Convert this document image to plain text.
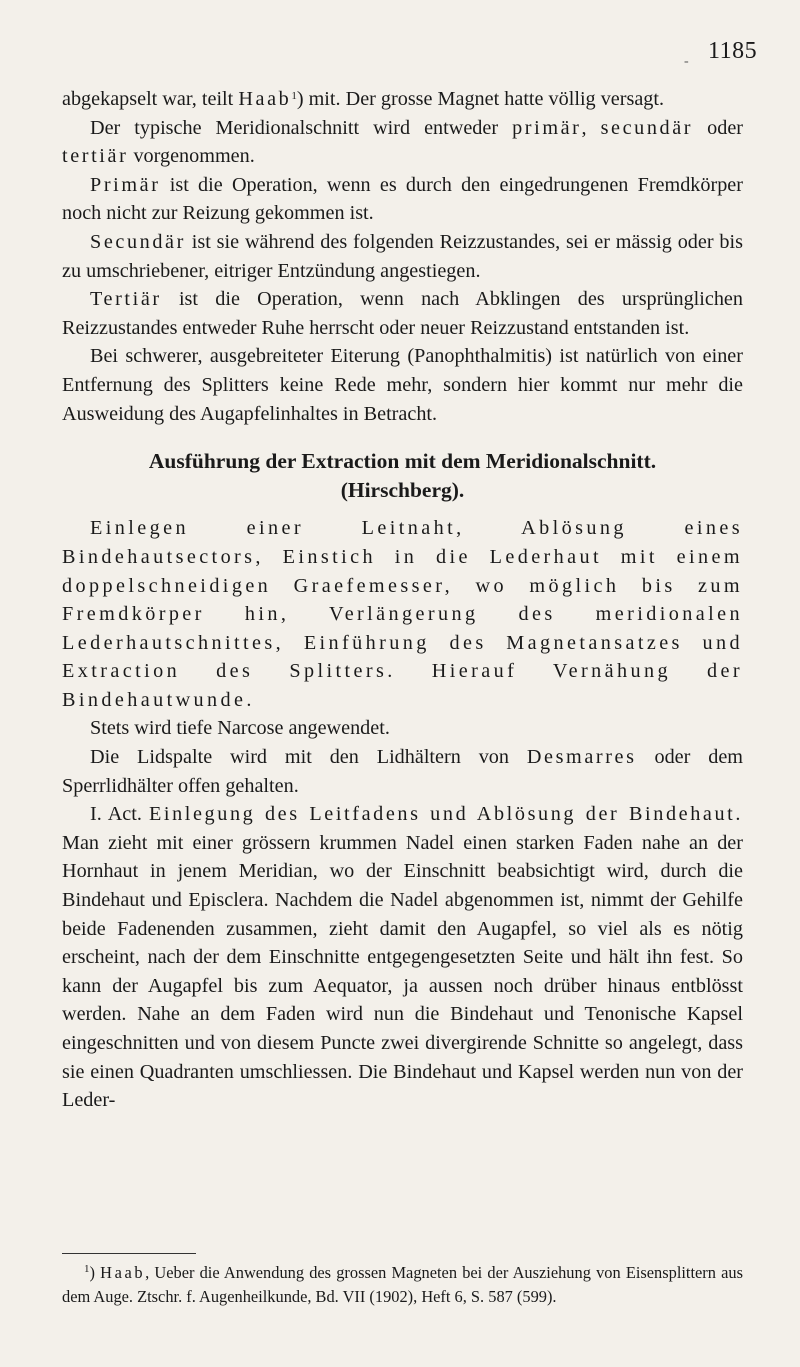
- 1185

abgekapselt war, teilt Haab$^1$) mit. Der grosse Magnet hatte völlig versagt.

Der typische Meridionalschnitt wird entweder primär, secundär oder tertiär vorgenommen.

Primär ist die Operation, wenn es durch den eingedrungenen Fremdkörper noch nicht zur Reizung gekommen ist.

Secundär ist sie während des folgenden Reizzustandes, sei er mässig oder bis zu umschriebener, eitriger Entzündung angestiegen.

Tertiär ist die Operation, wenn nach Abklingen des ursprünglichen Reizzustandes entweder Ruhe herrscht oder neuer Reizzustand entstanden ist.

Bei schwerer, ausgebreiteter Eiterung (Panophthalmitis) ist natürlich von einer Entfernung des Splitters keine Rede mehr, sondern hier kommt nur mehr die Ausweidung des Augapfelinhaltes in Betracht.

Ausführung der Extraction mit dem Meridionalschnitt.
(Hirschberg).

Einlegen einer Leitnaht, Ablösung eines Bindehautsectors, Einstich in die Lederhaut mit einem doppelschneidigen Graefemesser, wo möglich bis zum Fremdkörper hin, Verlängerung des meridionalen Lederhautschnittes, Einführung des Magnetansatzes und Extraction des Splitters. Hierauf Vernähung der Bindehautwunde.

Stets wird tiefe Narcose angewendet.

Die Lidspalte wird mit den Lidhältern von Desmarres oder dem Sperrlidhälter offen gehalten.

I. Act. Einlegung des Leitfadens und Ablösung der Bindehaut. Man zieht mit einer grössern krummen Nadel einen starken Faden nahe an der Hornhaut in jenem Meridian, wo der Einschnitt beabsichtigt wird, durch die Bindehaut und Episclera. Nachdem die Nadel abgenommen ist, nimmt der Gehilfe beide Fadenenden zusammen, zieht damit den Augapfel, so viel als es nötig erscheint, nach der dem Einschnitte entgegengesetzten Seite und hält ihn fest. So kann der Augapfel bis zum Aequator, ja aussen noch drüber hinaus entblösst werden. Nahe an dem Faden wird nun die Bindehaut und Tenonische Kapsel eingeschnitten und von diesem Puncte zwei divergirende Schnitte so angelegt, dass sie einen Quadranten umschliessen. Die Bindehaut und Kapsel werden nun von der Leder-

$^1$) Haab, Ueber die Anwendung des grossen Magneten bei der Ausziehung von Eisensplittern aus dem Auge. Ztschr. f. Augenheilkunde, Bd. VII (1902), Heft 6, S. 587 (599).
